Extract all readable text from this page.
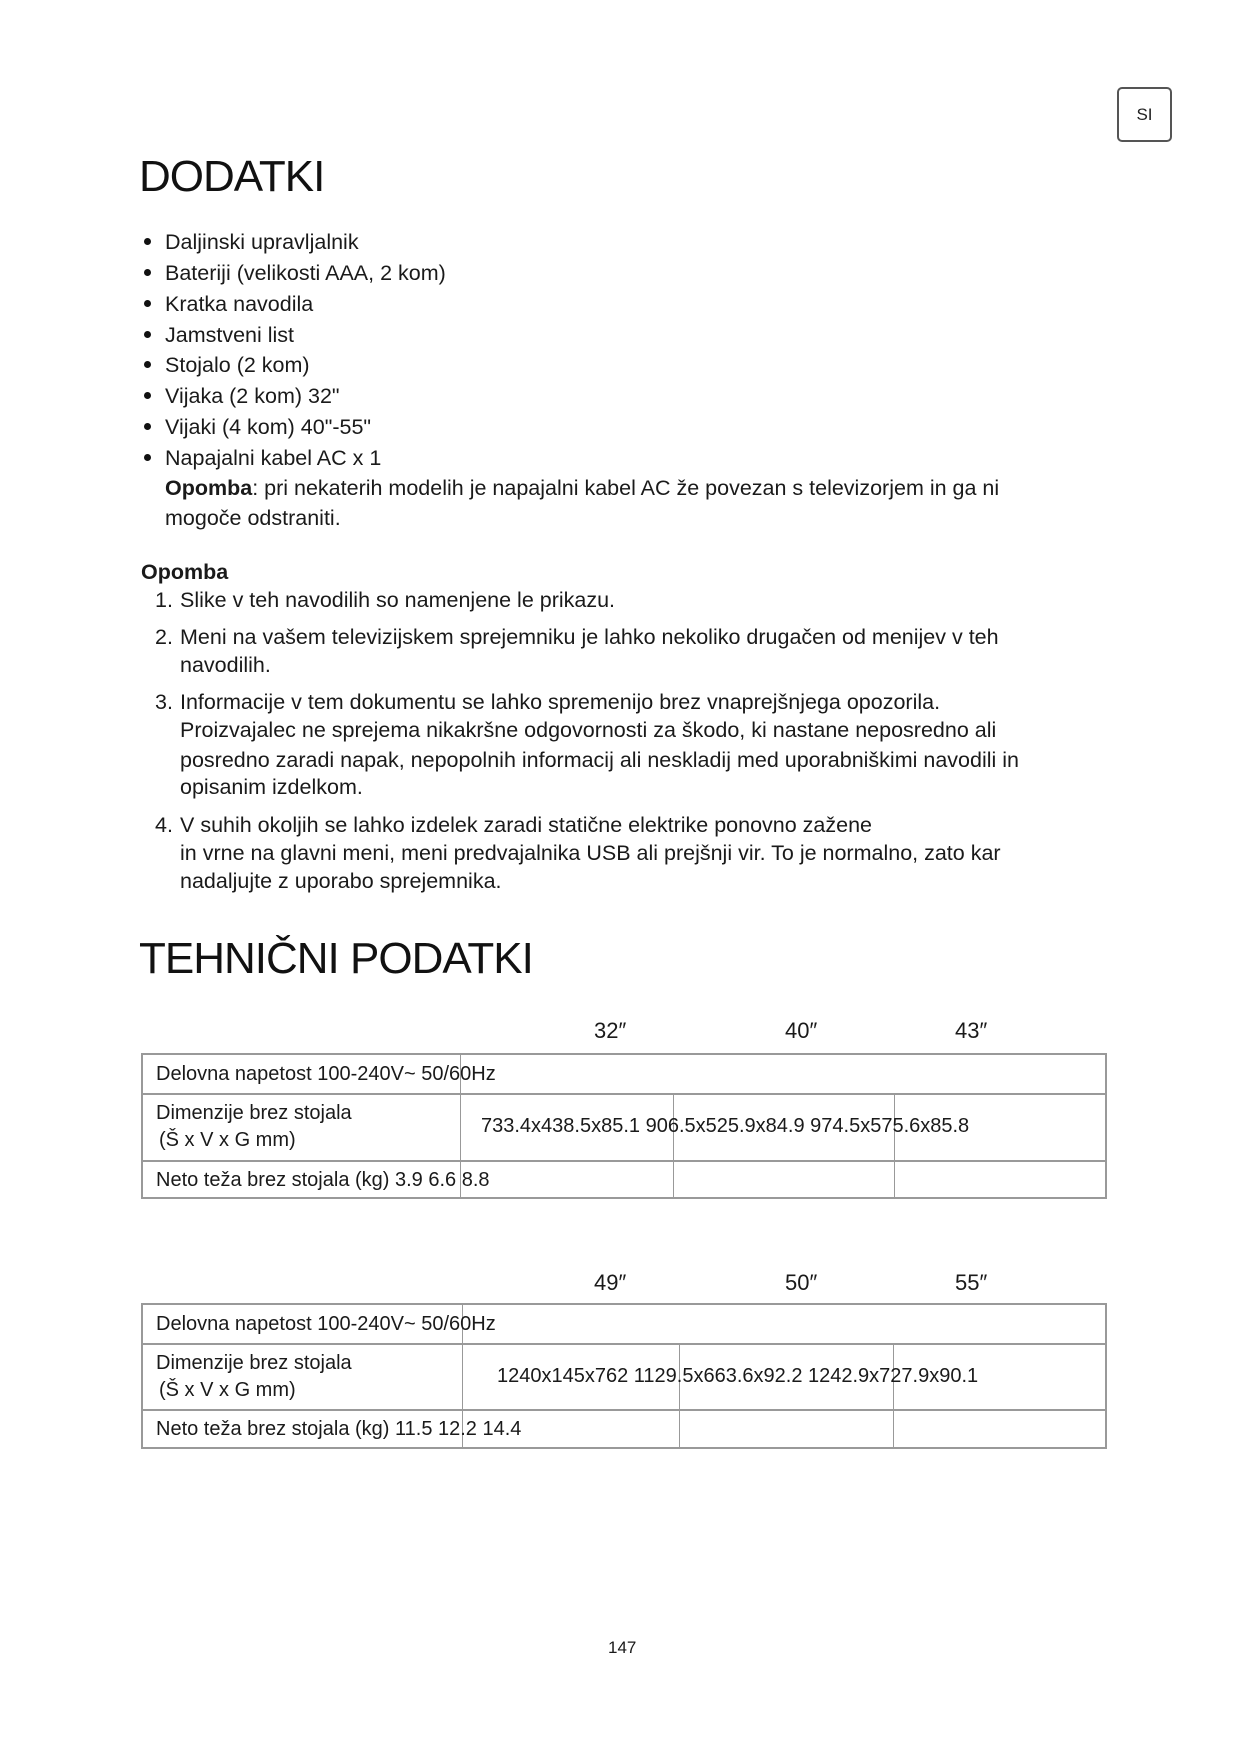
SI
DODATKI
Daljinski upravljalnik
Bateriji (velikosti AAA, 2 kom)
Kratka navodila
Jamstveni list
Stojalo (2 kom)
Vijaka (2 kom) 32"
Vijaki (4 kom) 40"-55"
Napajalni kabel AC x 1
Opomba: pri nekaterih modelih je napajalni kabel AC že povezan s televizorjem in ga ni
mogoče odstraniti.
Opomba
1. Slike v teh navodilih so namenjene le prikazu.
2. Meni na vašem televizijskem sprejemniku je lahko nekoliko drugačen od menijev v teh
navodilih.
3. Informacije v tem dokumentu se lahko spremenijo brez vnaprejšnjega opozorila.
Proizvajalec ne sprejema nikakršne odgovornosti za škodo, ki nastane neposredno ali
posredno zaradi napak, nepopolnih informacij ali neskladij med uporabniškimi navodili in
opisanim izdelkom.
4. V suhih okoljih se lahko izdelek zaradi statične elektrike ponovno zažene
in vrne na glavni meni, meni predvajalnika USB ali prejšnji vir. To je normalno, zato kar
nadaljujte z uporabo sprejemnika.
TEHNIČNI PODATKI
32″	40″	43″
Delovna napetost 100-240V~ 50/60Hz
Dimenzije brez stojala
(Š x V x G mm)
733.4x438.5x85.1 906.5x525.9x84.9 974.5x575.6x85.8
Neto teža brez stojala (kg) 3.9 6.6 8.8
49″	50″	55″
Delovna napetost 100-240V~ 50/60Hz
Dimenzije brez stojala
(Š x V x G mm)
1240x145x762 1129.5x663.6x92.2 1242.9x727.9x90.1
Neto teža brez stojala (kg) 11.5 12.2 14.4
147
